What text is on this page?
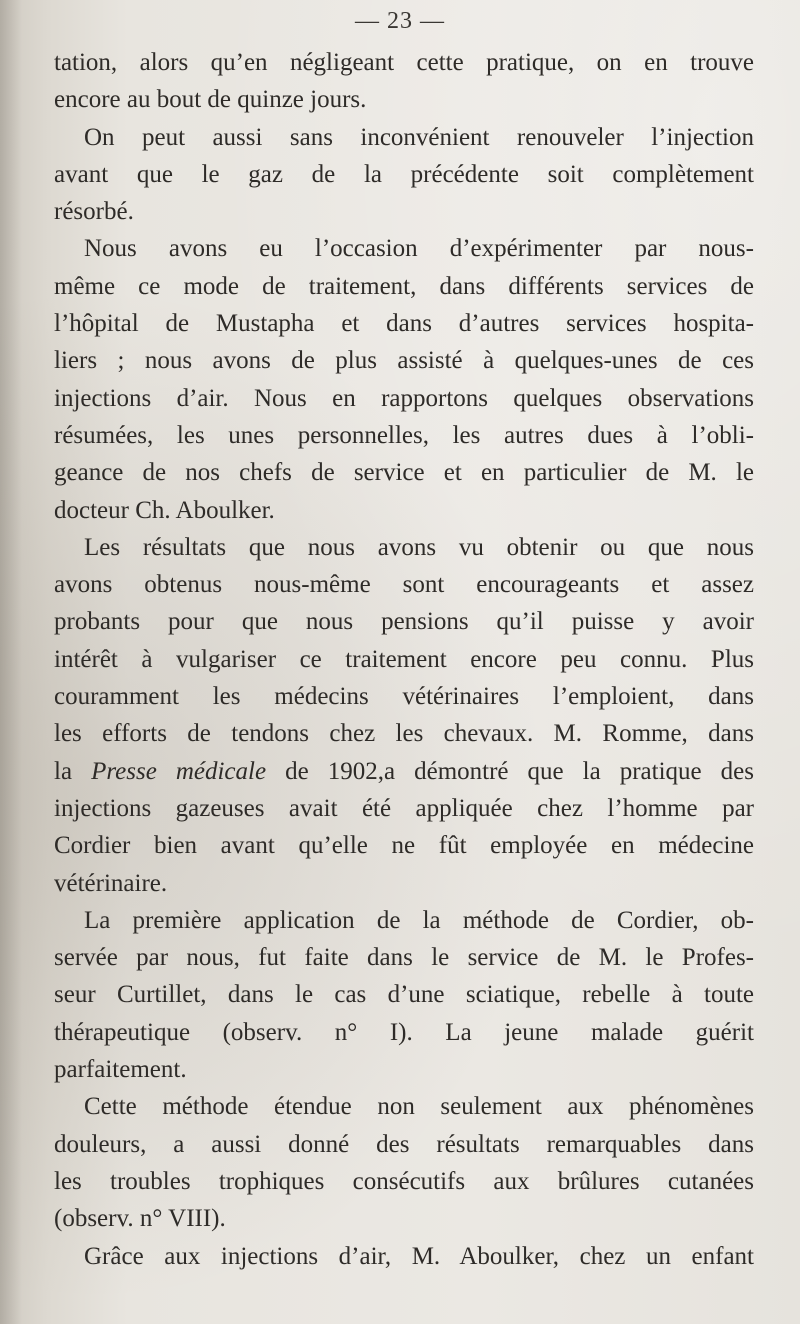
— 23 —
tation, alors qu’en négligeant cette pratique, on en trouve
encore au bout de quinze jours.
On peut aussi sans inconvénient renouveler l’injection
avant que le gaz de la précédente soit complètement
résorbé.
Nous avons eu l’occasion d’expérimenter par nous-
même ce mode de traitement, dans différents services de
l’hôpital de Mustapha et dans d’autres services hospita-
liers ; nous avons de plus assisté à quelques-unes de ces
injections d’air. Nous en rapportons quelques observations
résumées, les unes personnelles, les autres dues à l’obli-
geance de nos chefs de service et en particulier de M. le
docteur Ch. Aboulker.
Les résultats que nous avons vu obtenir ou que nous
avons obtenus nous-même sont encourageants et assez
probants pour que nous pensions qu’il puisse y avoir
intérêt à vulgariser ce traitement encore peu connu. Plus
couramment les médecins vétérinaires l’emploient, dans
les efforts de tendons chez les chevaux. M. Romme, dans
la Presse médicale de 1902,a démontré que la pratique des
injections gazeuses avait été appliquée chez l’homme par
Cordier bien avant qu’elle ne fût employée en médecine
vétérinaire.
La première application de la méthode de Cordier, ob-
servée par nous, fut faite dans le service de M. le Profes-
seur Curtillet, dans le cas d’une sciatique, rebelle à toute
thérapeutique (observ. n° I). La jeune malade guérit
parfaitement.
Cette méthode étendue non seulement aux phénomènes
douleurs, a aussi donné des résultats remarquables dans
les troubles trophiques consécutifs aux brûlures cutanées
(observ. n° VIII).
Grâce aux injections d’air, M. Aboulker, chez un enfant
